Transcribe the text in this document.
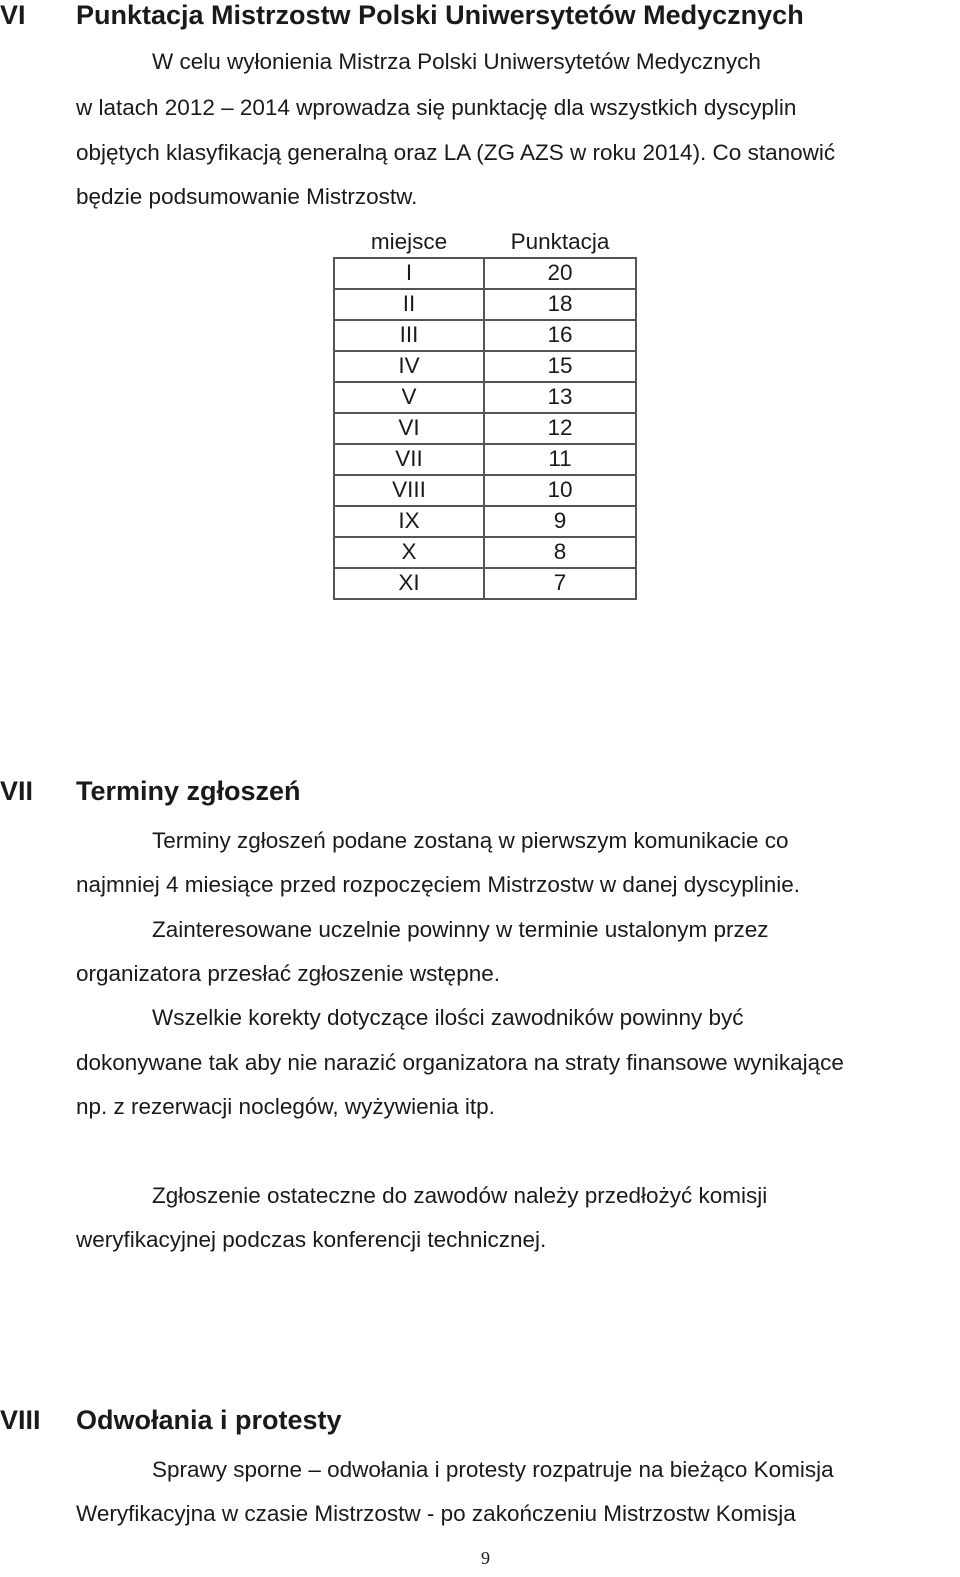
VI Punktacja Mistrzostw Polski Uniwersytetów Medycznych
W celu wyłonienia Mistrza Polski Uniwersytetów Medycznych
w latach 2012 – 2014 wprowadza się punktację dla wszystkich dyscyplin
objętych klasyfikacją generalną oraz LA (ZG AZS w roku 2014). Co stanowić
będzie podsumowanie Mistrzostw.
miejsce	Punktacja
I	20
II	18
III	16
IV	15
V	13
VI	12
VII	11
VIII	10
IX	9
X	8
XI	7
VII Terminy zgłoszeń
Terminy zgłoszeń podane zostaną w pierwszym komunikacie co
najmniej 4 miesiące przed rozpoczęciem Mistrzostw w danej dyscyplinie.
Zainteresowane uczelnie powinny w terminie ustalonym przez
organizatora przesłać zgłoszenie wstępne.
Wszelkie korekty dotyczące ilości zawodników powinny być
dokonywane tak aby nie narazić organizatora na straty finansowe wynikające
np. z rezerwacji noclegów, wyżywienia itp.
Zgłoszenie ostateczne do zawodów należy przedłożyć komisji
weryfikacyjnej podczas konferencji technicznej.
VIII Odwołania i protesty
Sprawy sporne – odwołania i protesty rozpatruje na bieżąco Komisja
Weryfikacyjna w czasie Mistrzostw - po zakończeniu Mistrzostw Komisja
9
